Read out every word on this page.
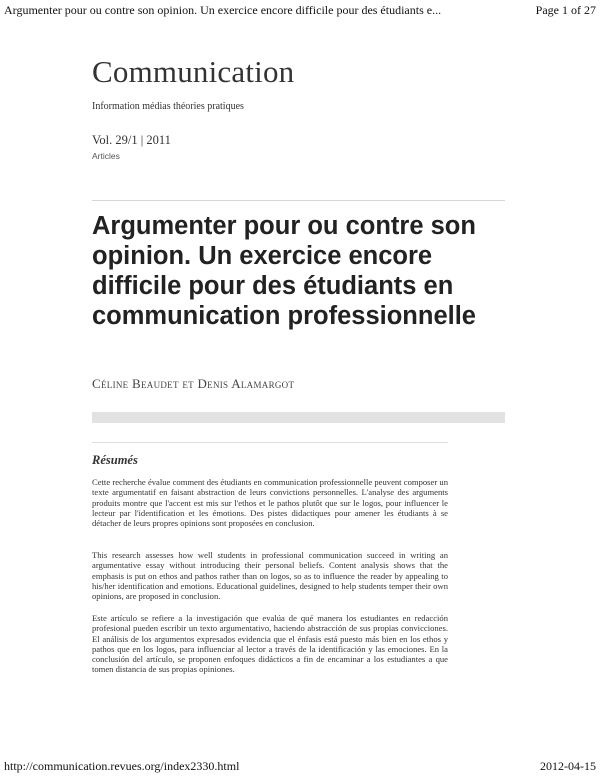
Argumenter pour ou contre son opinion. Un exercice encore difficile pour des étudiants e...	Page 1 of 27
Communication
Information médias théories pratiques
Vol. 29/1 | 2011
Articles
Argumenter pour ou contre son opinion. Un exercice encore difficile pour des étudiants en communication professionnelle
Céline Beaudet et Denis Alamargot
Résumés

Cette recherche évalue comment des étudiants en communication professionnelle peuvent composer un texte argumentatif en faisant abstraction de leurs convictions personnelles. L'analyse des arguments produits montre que l'accent est mis sur l'ethos et le pathos plutôt que sur le logos, pour influencer le lecteur par l'identification et les émotions. Des pistes didactiques pour amener les étudiants à se détacher de leurs propres opinions sont proposées en conclusion.

This research assesses how well students in professional communication succeed in writing an argumentative essay without introducing their personal beliefs. Content analysis shows that the emphasis is put on ethos and pathos rather than on logos, so as to influence the reader by appealing to his/her identification and emotions. Educational guidelines, designed to help students temper their own opinions, are proposed in conclusion.

Este artículo se refiere a la investigación que evalúa de qué manera los estudiantes en redacción profesional pueden escribir un texto argumentativo, haciendo abstracción de sus propias convicciones. El análisis de los argumentos expresados evidencia que el énfasis está puesto más bien en los ethos y pathos que en los logos, para influenciar al lector a través de la identificación y las emociones. En la conclusión del artículo, se proponen enfoques didácticos a fin de encaminar a los estudiantes a que tomen distancia de sus propias opiniones.

http://communication.revues.org/index2330.html	2012-04-15
